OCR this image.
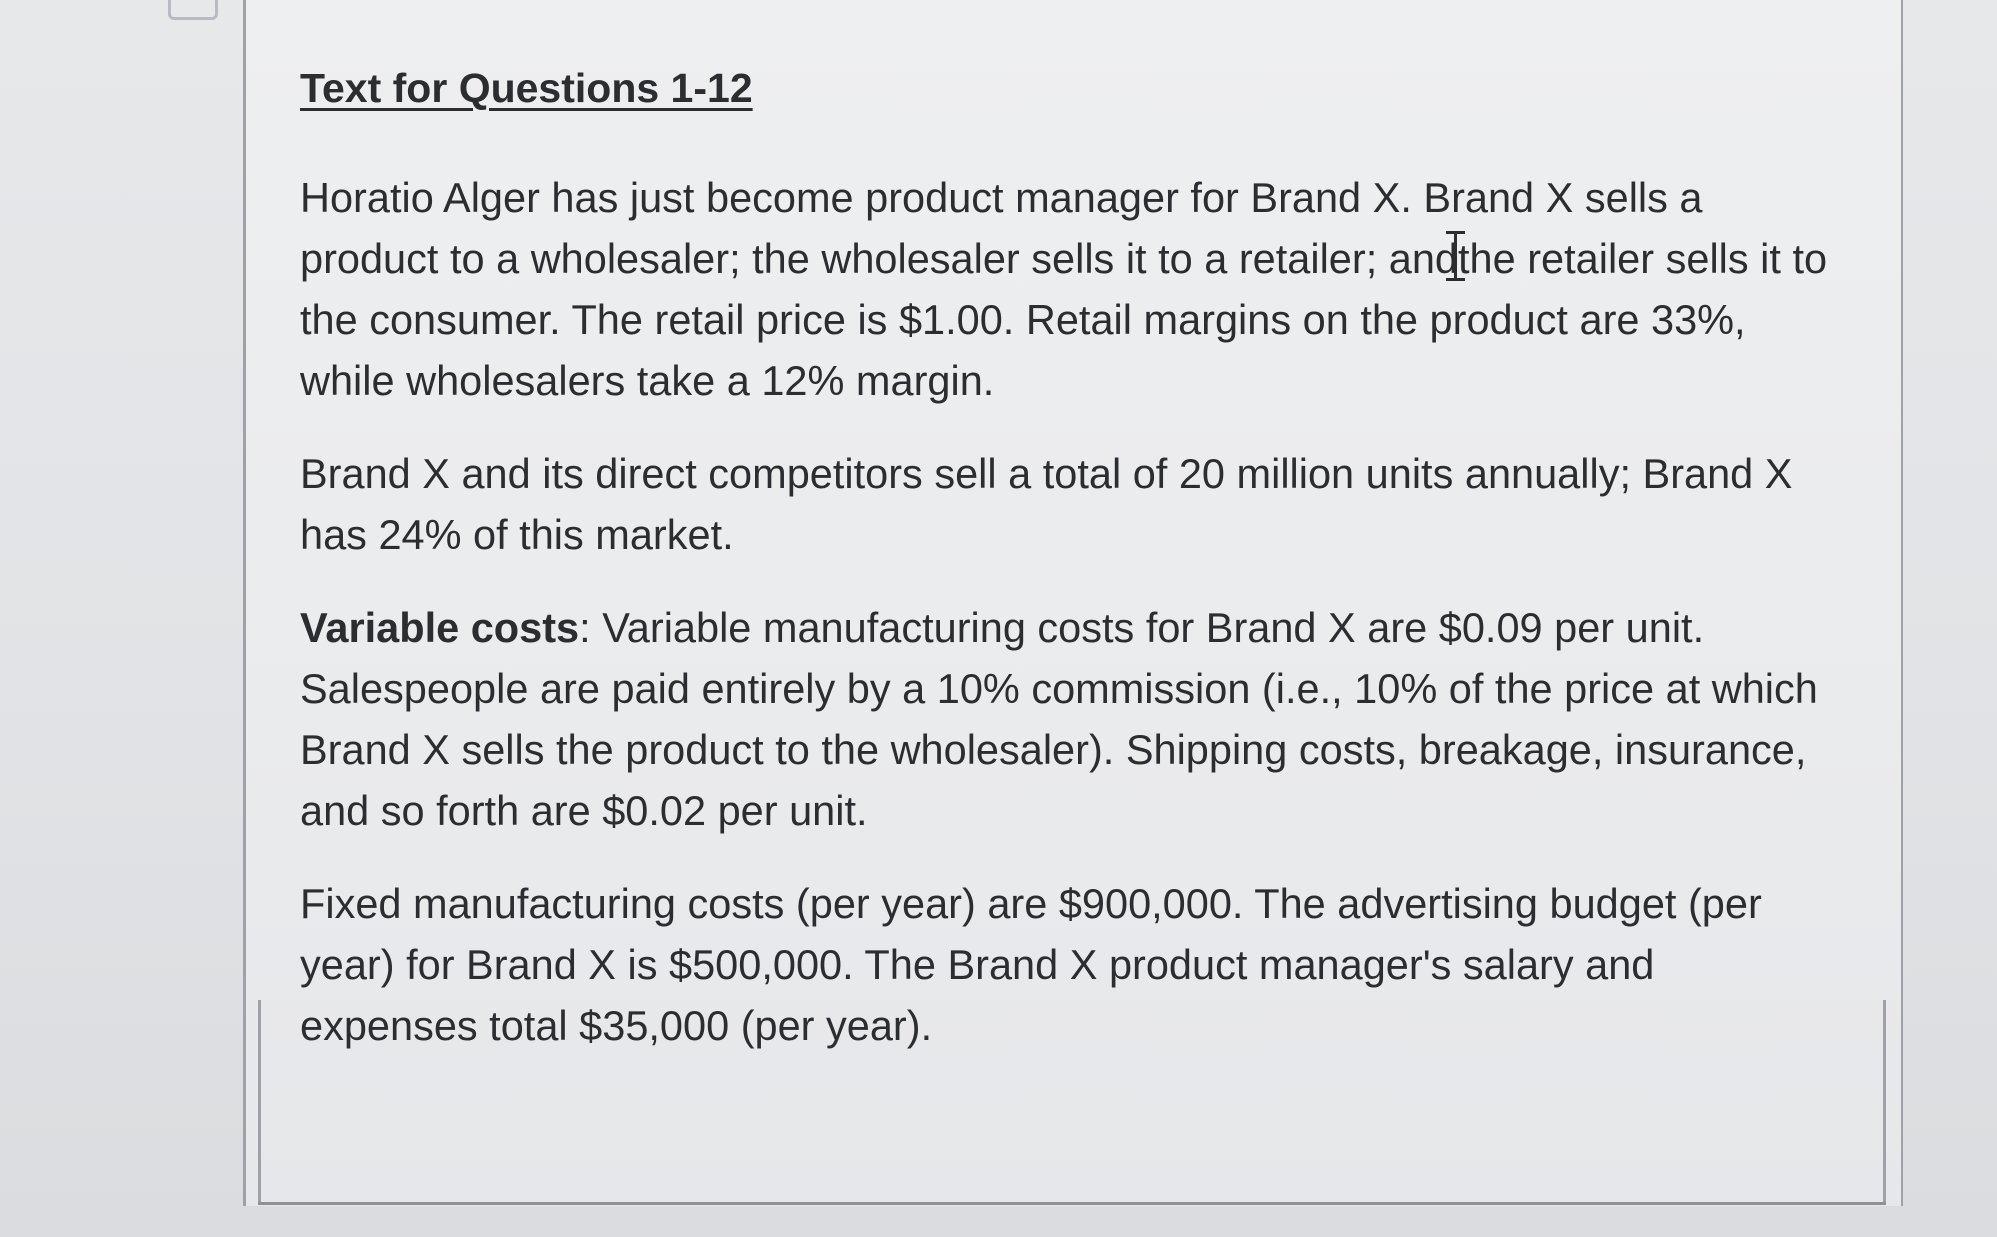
Text for Questions 1-12
Horatio Alger has just become product manager for Brand X. Brand X sells a product to a wholesaler; the wholesaler sells it to a retailer; andthe retailer sells it to the consumer. The retail price is $1.00. Retail margins on the product are 33%, while wholesalers take a 12% margin.
Brand X and its direct competitors sell a total of 20 million units annually; Brand X has 24% of this market.
Variable costs: Variable manufacturing costs for Brand X are $0.09 per unit. Salespeople are paid entirely by a 10% commission (i.e., 10% of the price at which Brand X sells the product to the wholesaler). Shipping costs, breakage, insurance, and so forth are $0.02 per unit.
Fixed manufacturing costs (per year) are $900,000. The advertising budget (per year) for Brand X is $500,000. The Brand X product manager's salary and expenses total $35,000 (per year).
